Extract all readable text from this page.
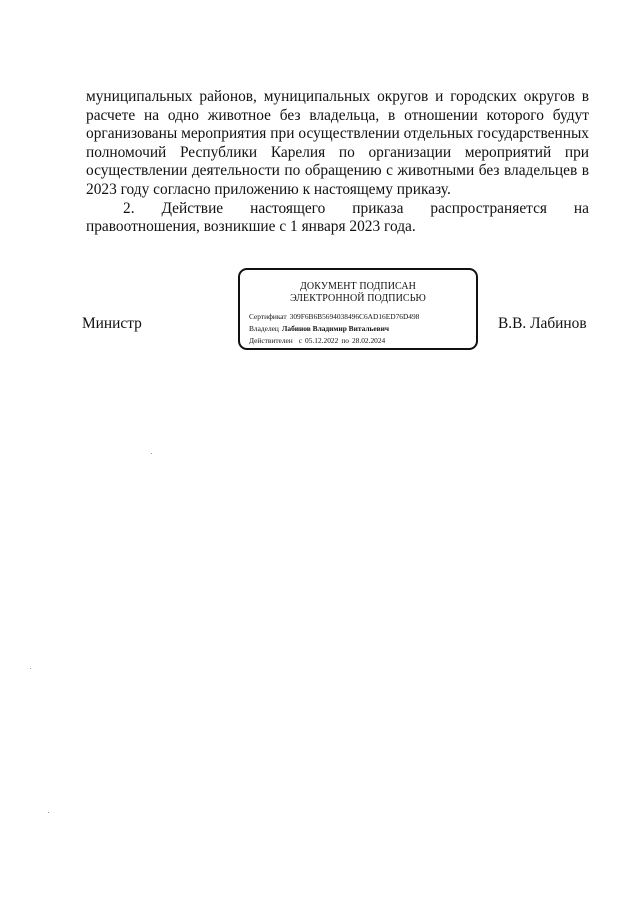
муниципальных районов, муниципальных округов и городских округов в расчете на одно животное без владельца, в отношении которого будут организованы мероприятия при осуществлении отдельных государственных полномочий Республики Карелия по организации мероприятий при осуществлении деятельности по обращению с животными без владельцев в 2023 году согласно приложению к настоящему приказу.

2. Действие настоящего приказа распространяется на правоотношения, возникшие с 1 января 2023 года.

Министр
ДОКУМЕНТ ПОДПИСАН
ЭЛЕКТРОННОЙ ПОДПИСЬЮ
Сертификат 309F6B6B5694038496C6AD16ED76D498
Владелец Лабинов Владимир Витальевич
Действителен с 05.12.2022 по 28.02.2024
В.В. Лабинов
